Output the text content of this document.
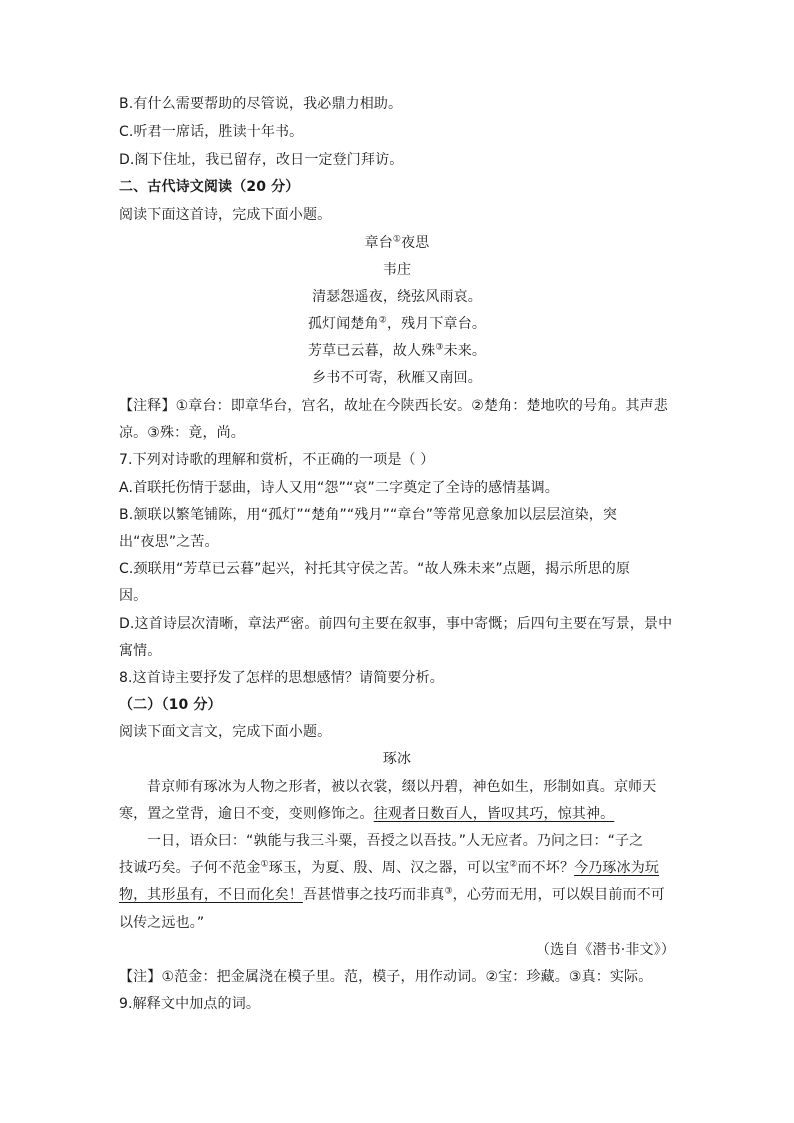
B.有什么需要帮助的尽管说，我必鼎力相助。
C.听君一席话，胜读十年书。
D.阁下住址，我已留存，改日一定登门拜访。
二、古代诗文阅读（20 分）
阅读下面这首诗，完成下面小题。
章台①夜思
韦庄
清瑟怨遥夜，绕弦风雨哀。
孤灯闻楚角②，残月下章台。
芳草已云暮，故人殊③未来。
乡书不可寄，秋雁又南回。
【注释】①章台：即章华台，宫名，故址在今陕西长安。②楚角：楚地吹的号角。其声悲
凉。③殊：竟，尚。
7.下列对诗歌的理解和赏析，不正确的一项是（ ）
A.首联托伤情于瑟曲，诗人又用“怨”“哀”二字奠定了全诗的感情基调。
B.颔联以繁笔铺陈，用“孤灯”“楚角”“残月”“章台”等常见意象加以层层渲染，突
出“夜思”之苦。
C.颈联用“芳草已云暮”起兴，衬托其守侯之苦。“故人殊未来”点题，揭示所思的原
因。
D.这首诗层次清晰，章法严密。前四句主要在叙事，事中寄慨；后四句主要在写景，景中
寓情。
8.这首诗主要抒发了怎样的思想感情？请简要分析。
（二）（10 分）
阅读下面文言文，完成下面小题。
琢冰
昔京师有琢冰为人物之形者，被以衣裳，缀以丹碧，神色如生，形制如真。京师天
寒，置之堂背，逾日不变，变则修饰之。往观者日数百人，皆叹其巧，惊其神。
一日，语众曰：“孰能与我三斗粟，吾授之以吾技。”人无应者。乃问之曰：“子之
技诚巧矣。子何不范金①琢玉，为夏、殷、周、汉之器，可以宝②而不坏？今乃琢冰为玩
物，其形虽有，不日而化矣！吾甚惜事之技巧而非真③，心劳而无用，可以娱目前而不可
以传之远也。”
（选自《潜书·非文》）
【注】①范金：把金属浇在模子里。范，模子，用作动词。②宝：珍藏。③真：实际。
9.解释文中加点的词。
